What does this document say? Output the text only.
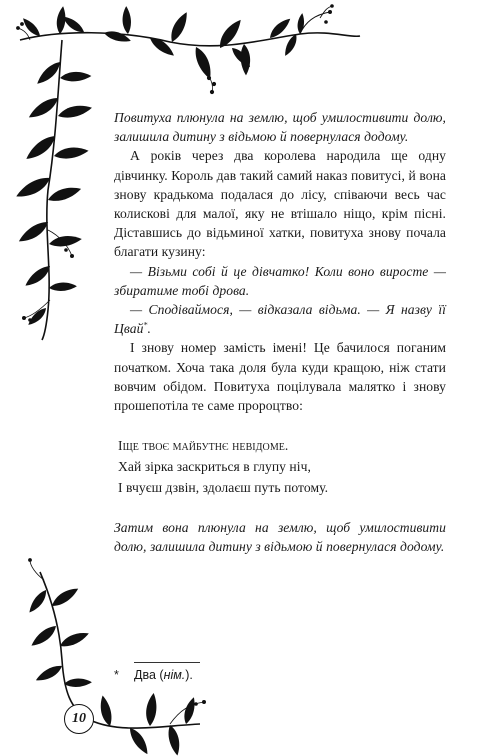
Повитуха плюнула на землю, щоб умилостивити долю, залишила дитину з відьмою й повернулася додому.

А років через два королева народила ще одну дівчинку. Король дав такий самий наказ повитусі, й вона знову крадькома подалася до лісу, співаючи весь час колискові для малої, яку не втішало ніщо, крім пісні. Діставшись до відьминої хатки, повитуха знову почала благати кузину:

— Візьми собі й це дівчатко! Коли воно виросте — збиратиме тобі дрова.

— Сподіваймося, — відказала відьма. — Я назву її Цвай*.

І знову номер замість імені! Це бачилося поганим початком. Хоча така доля була куди кращою, ніж стати вовчим обідом. Повитуха поцілувала малятко і знову прошепотіла те саме пророцтво:

Іще твоє майбутнє невідоме.
Хай зірка заскриться в глупу ніч,
І вчуєш дзвін, здолаєш путь потому.

Затим вона плюнула на землю, щоб умилостивити долю, залишила дитину з відьмою й повернулася додому.

* Два (нім.).
10
